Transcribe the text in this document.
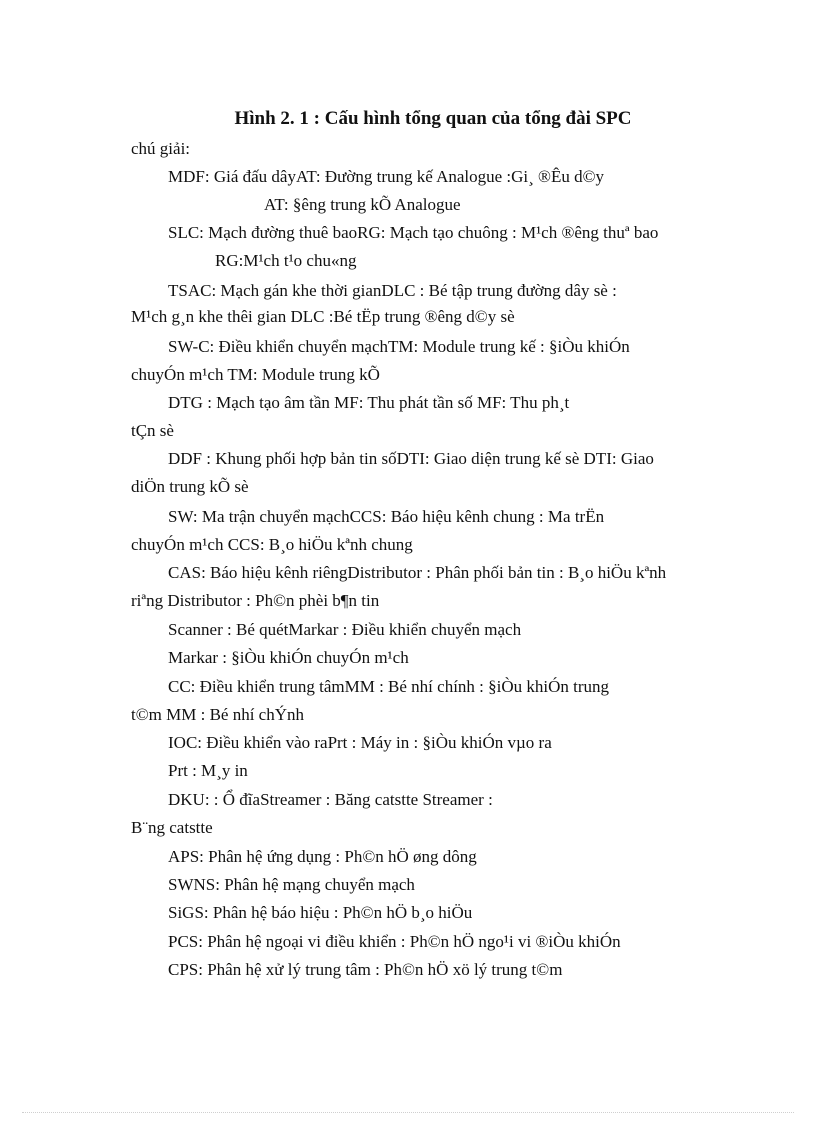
Hình 2. 1 : Cấu hình tổng quan của tổng đài SPC
chú giải:
MDF: Giá đấu dâyAT: Đường trung kế Analogue :Gi¸ ®Êu d©y
AT: §êng trung kÕ Analogue
SLC: Mạch đường thuê baoRG: Mạch tạo chuông : M¹ch ®êng thuª bao
RG:M¹ch t¹o chu«ng
TSAC: Mạch gán khe thời gianDLC : Bé tập trung đường dây sè :
M¹ch g¸n khe thêi gian DLC :Bé tËp trung ®êng d©y sè
SW-C: Điều khiển chuyển mạchTM: Module trung kế : §iÒu khiÓn
chuyÓn m¹ch TM: Module trung kÕ
DTG : Mạch tạo âm tần MF: Thu phát tần số MF: Thu ph¸t
tÇn sè
DDF : Khung phối hợp bản tin sốDTI: Giao diện trung kế sè DTI: Giao
diÖn trung kÕ sè
SW: Ma trận chuyển mạchCCS: Báo hiệu kênh chung : Ma trËn
chuyÓn m¹ch CCS: B¸o hiÖu kªnh chung
CAS: Báo hiệu kênh riêngDistributor : Phân phối bản tin : B¸o hiÖu kªnh
riªng Distributor : Ph©n phèi b¶n tin
Scanner : Bé quétMarkar : Điều khiển chuyển mạch
Markar : §iÒu khiÓn chuyÓn m¹ch
CC: Điều khiển trung tâmMM : Bé nhí chính : §iÒu khiÓn trung
t©m MM : Bé nhí chÝnh
IOC: Điều khiển vào raPrt : Máy in : §iÒu khiÓn vµo ra
Prt : M¸y in
DKU: : Ổ đĩaStreamer : Băng catstte Streamer :
B¨ng catstte
APS: Phân hệ ứng dụng : Ph©n hÖ øng dông
SWNS: Phân hệ mạng chuyển mạch
SiGS: Phân hệ báo hiệu : Ph©n hÖ b¸o hiÖu
PCS: Phân hệ ngoại vi điều khiển : Ph©n hÖ ngo¹i vi ®iÒu khiÓn
CPS: Phân hệ xử lý trung tâm : Ph©n hÖ xö lý trung t©m
